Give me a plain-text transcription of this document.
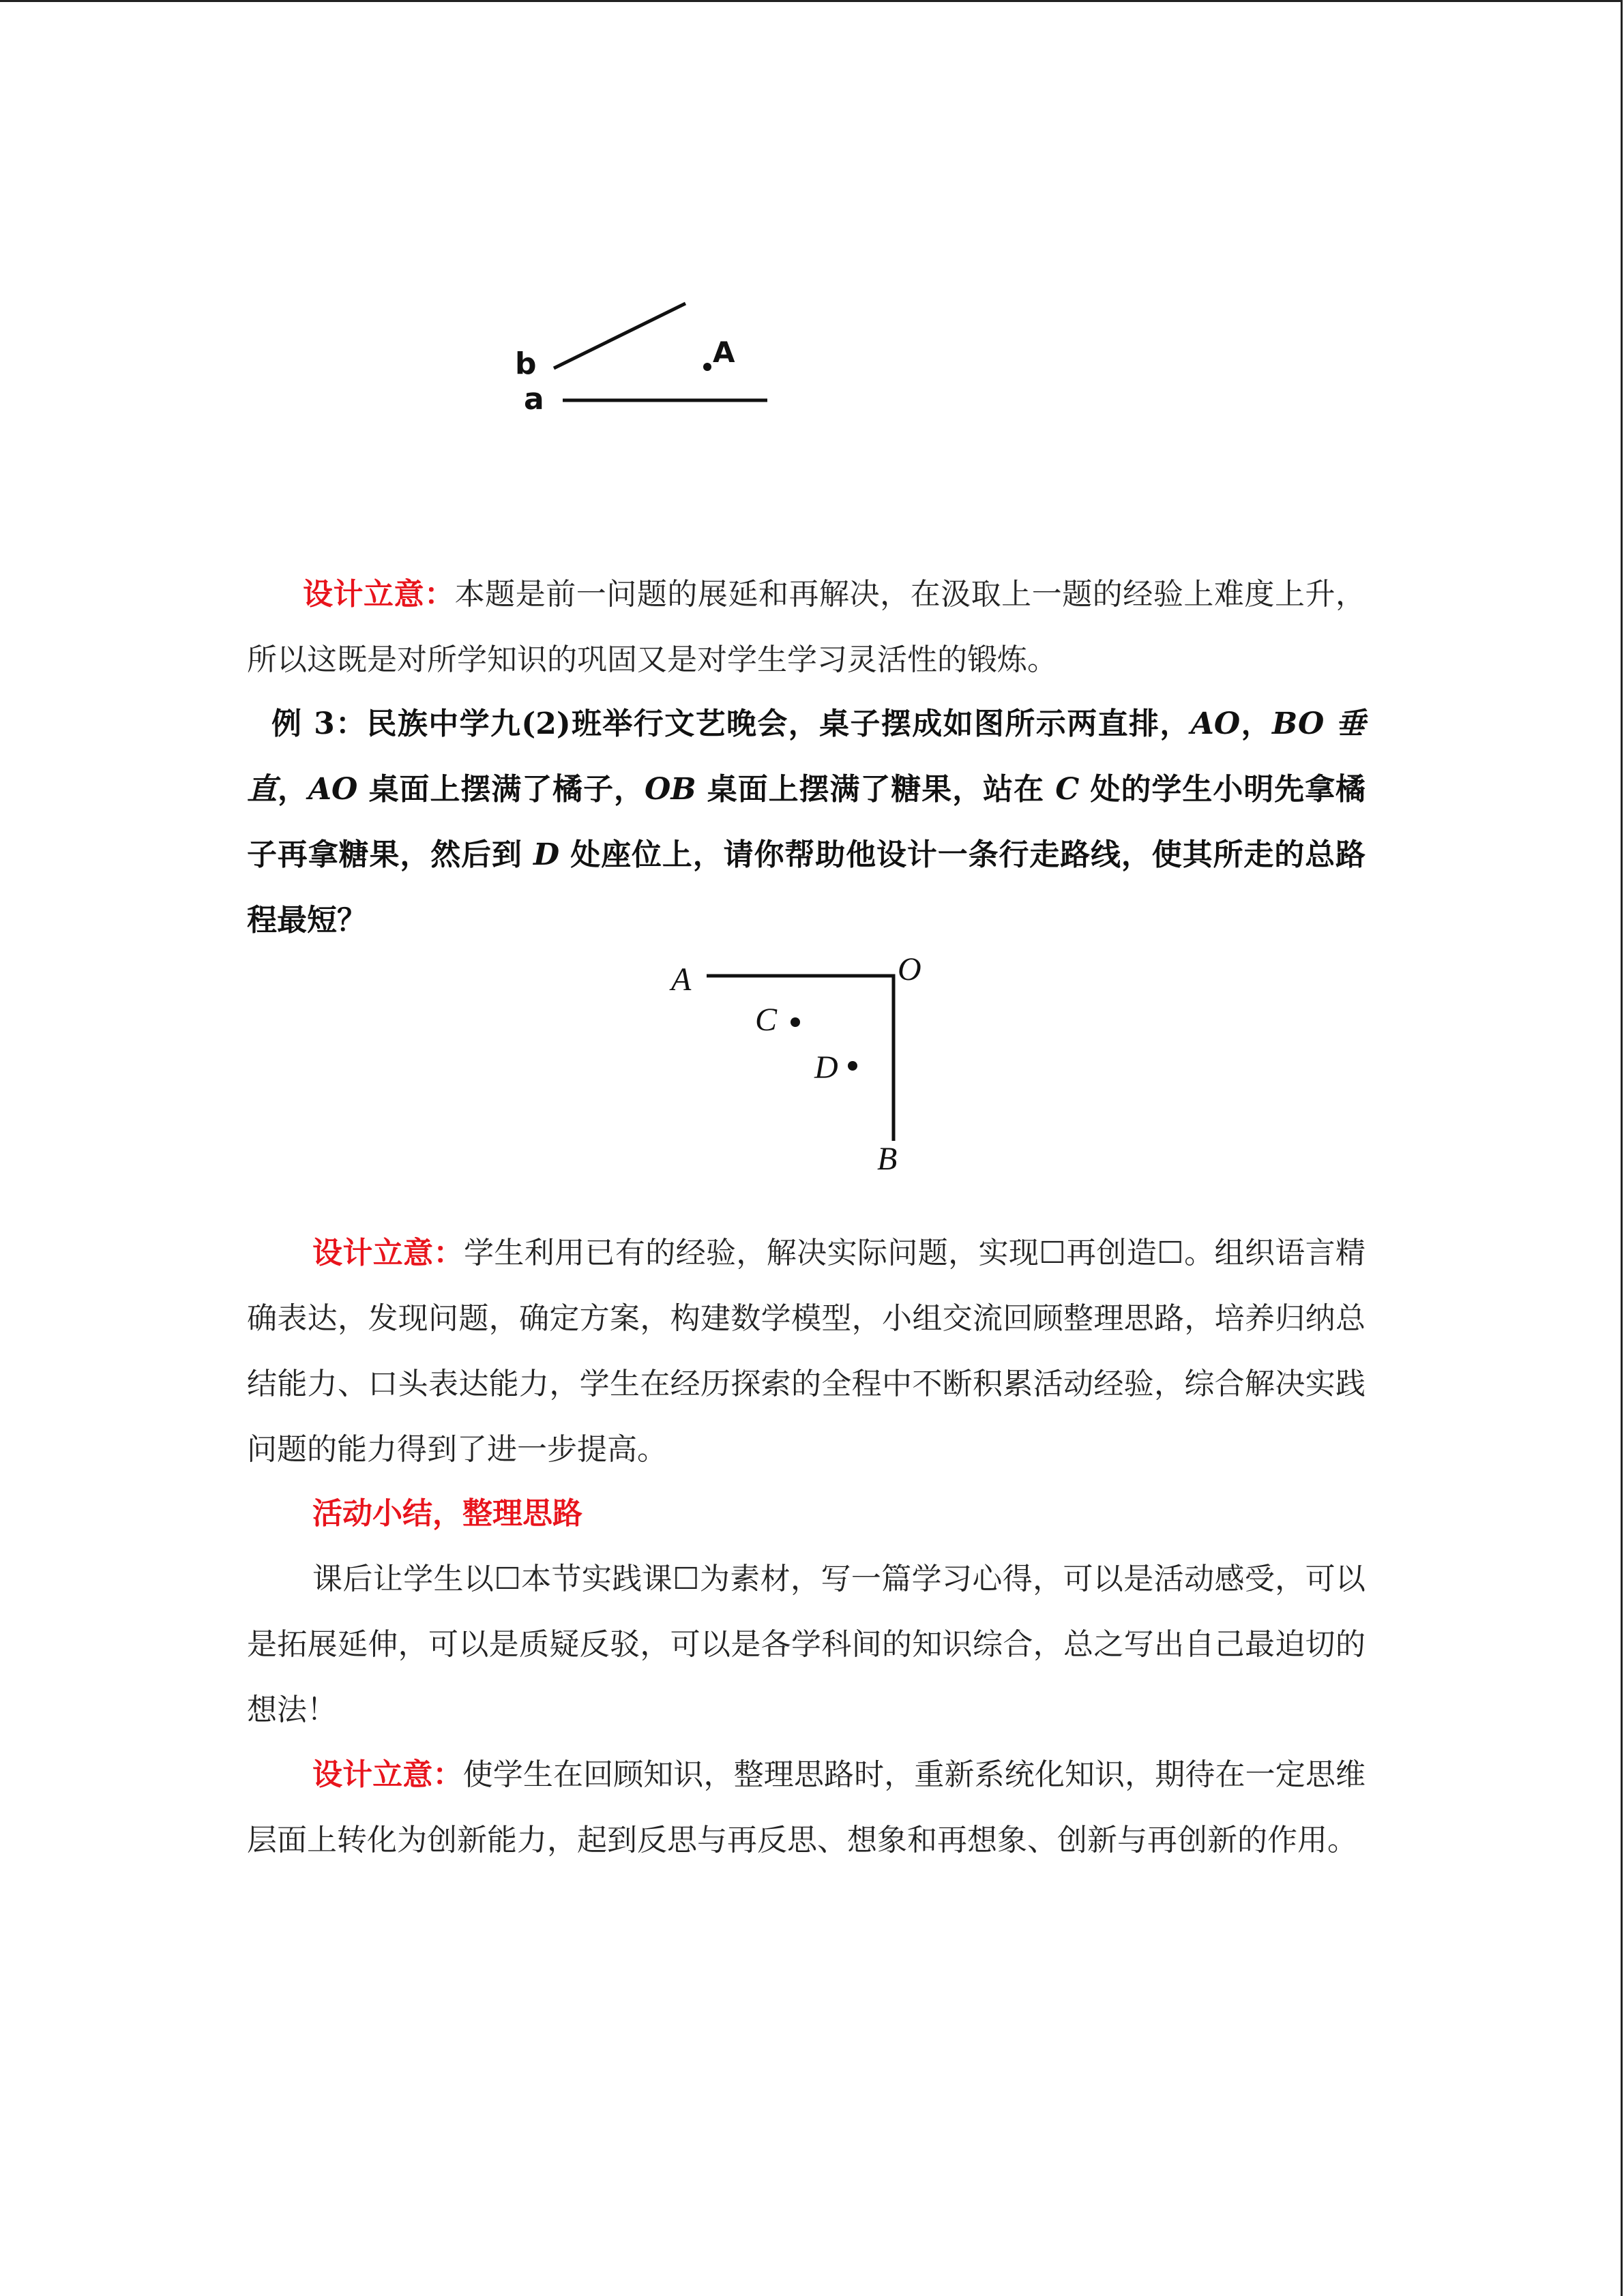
b
a
A

设计立意：本题是前一问题的展延和再解决，在汲取上一题的经验上难度上升，所以这既是对所学知识的巩固又是对学生学习灵活性的锻炼。

例 3：民族中学九(2)班举行文艺晚会，桌子摆成如图所示两直排，AO，BO 垂直，AO 桌面上摆满了橘子，OB 桌面上摆满了糖果，站在 C 处的学生小明先拿橘子再拿糖果，然后到 D 处座位上，请你帮助他设计一条行走路线，使其所走的总路程最短？

A	O
C
D
B

设计立意：学生利用已有的经验，解决实际问题，实现☐再创造☐。组织语言精确表达，发现问题，确定方案，构建数学模型，小组交流回顾整理思路，培养归纳总结能力、口头表达能力，学生在经历探索的全程中不断积累活动经验，综合解决实践问题的能力得到了进一步提高。

活动小结，整理思路

课后让学生以☐本节实践课☐为素材，写一篇学习心得，可以是活动感受，可以是拓展延伸，可以是质疑反驳，可以是各学科间的知识综合，总之写出自己最迫切的想法！

设计立意：使学生在回顾知识，整理思路时，重新系统化知识，期待在一定思维层面上转化为创新能力，起到反思与再反思、想象和再想象、创新与再创新的作用。
